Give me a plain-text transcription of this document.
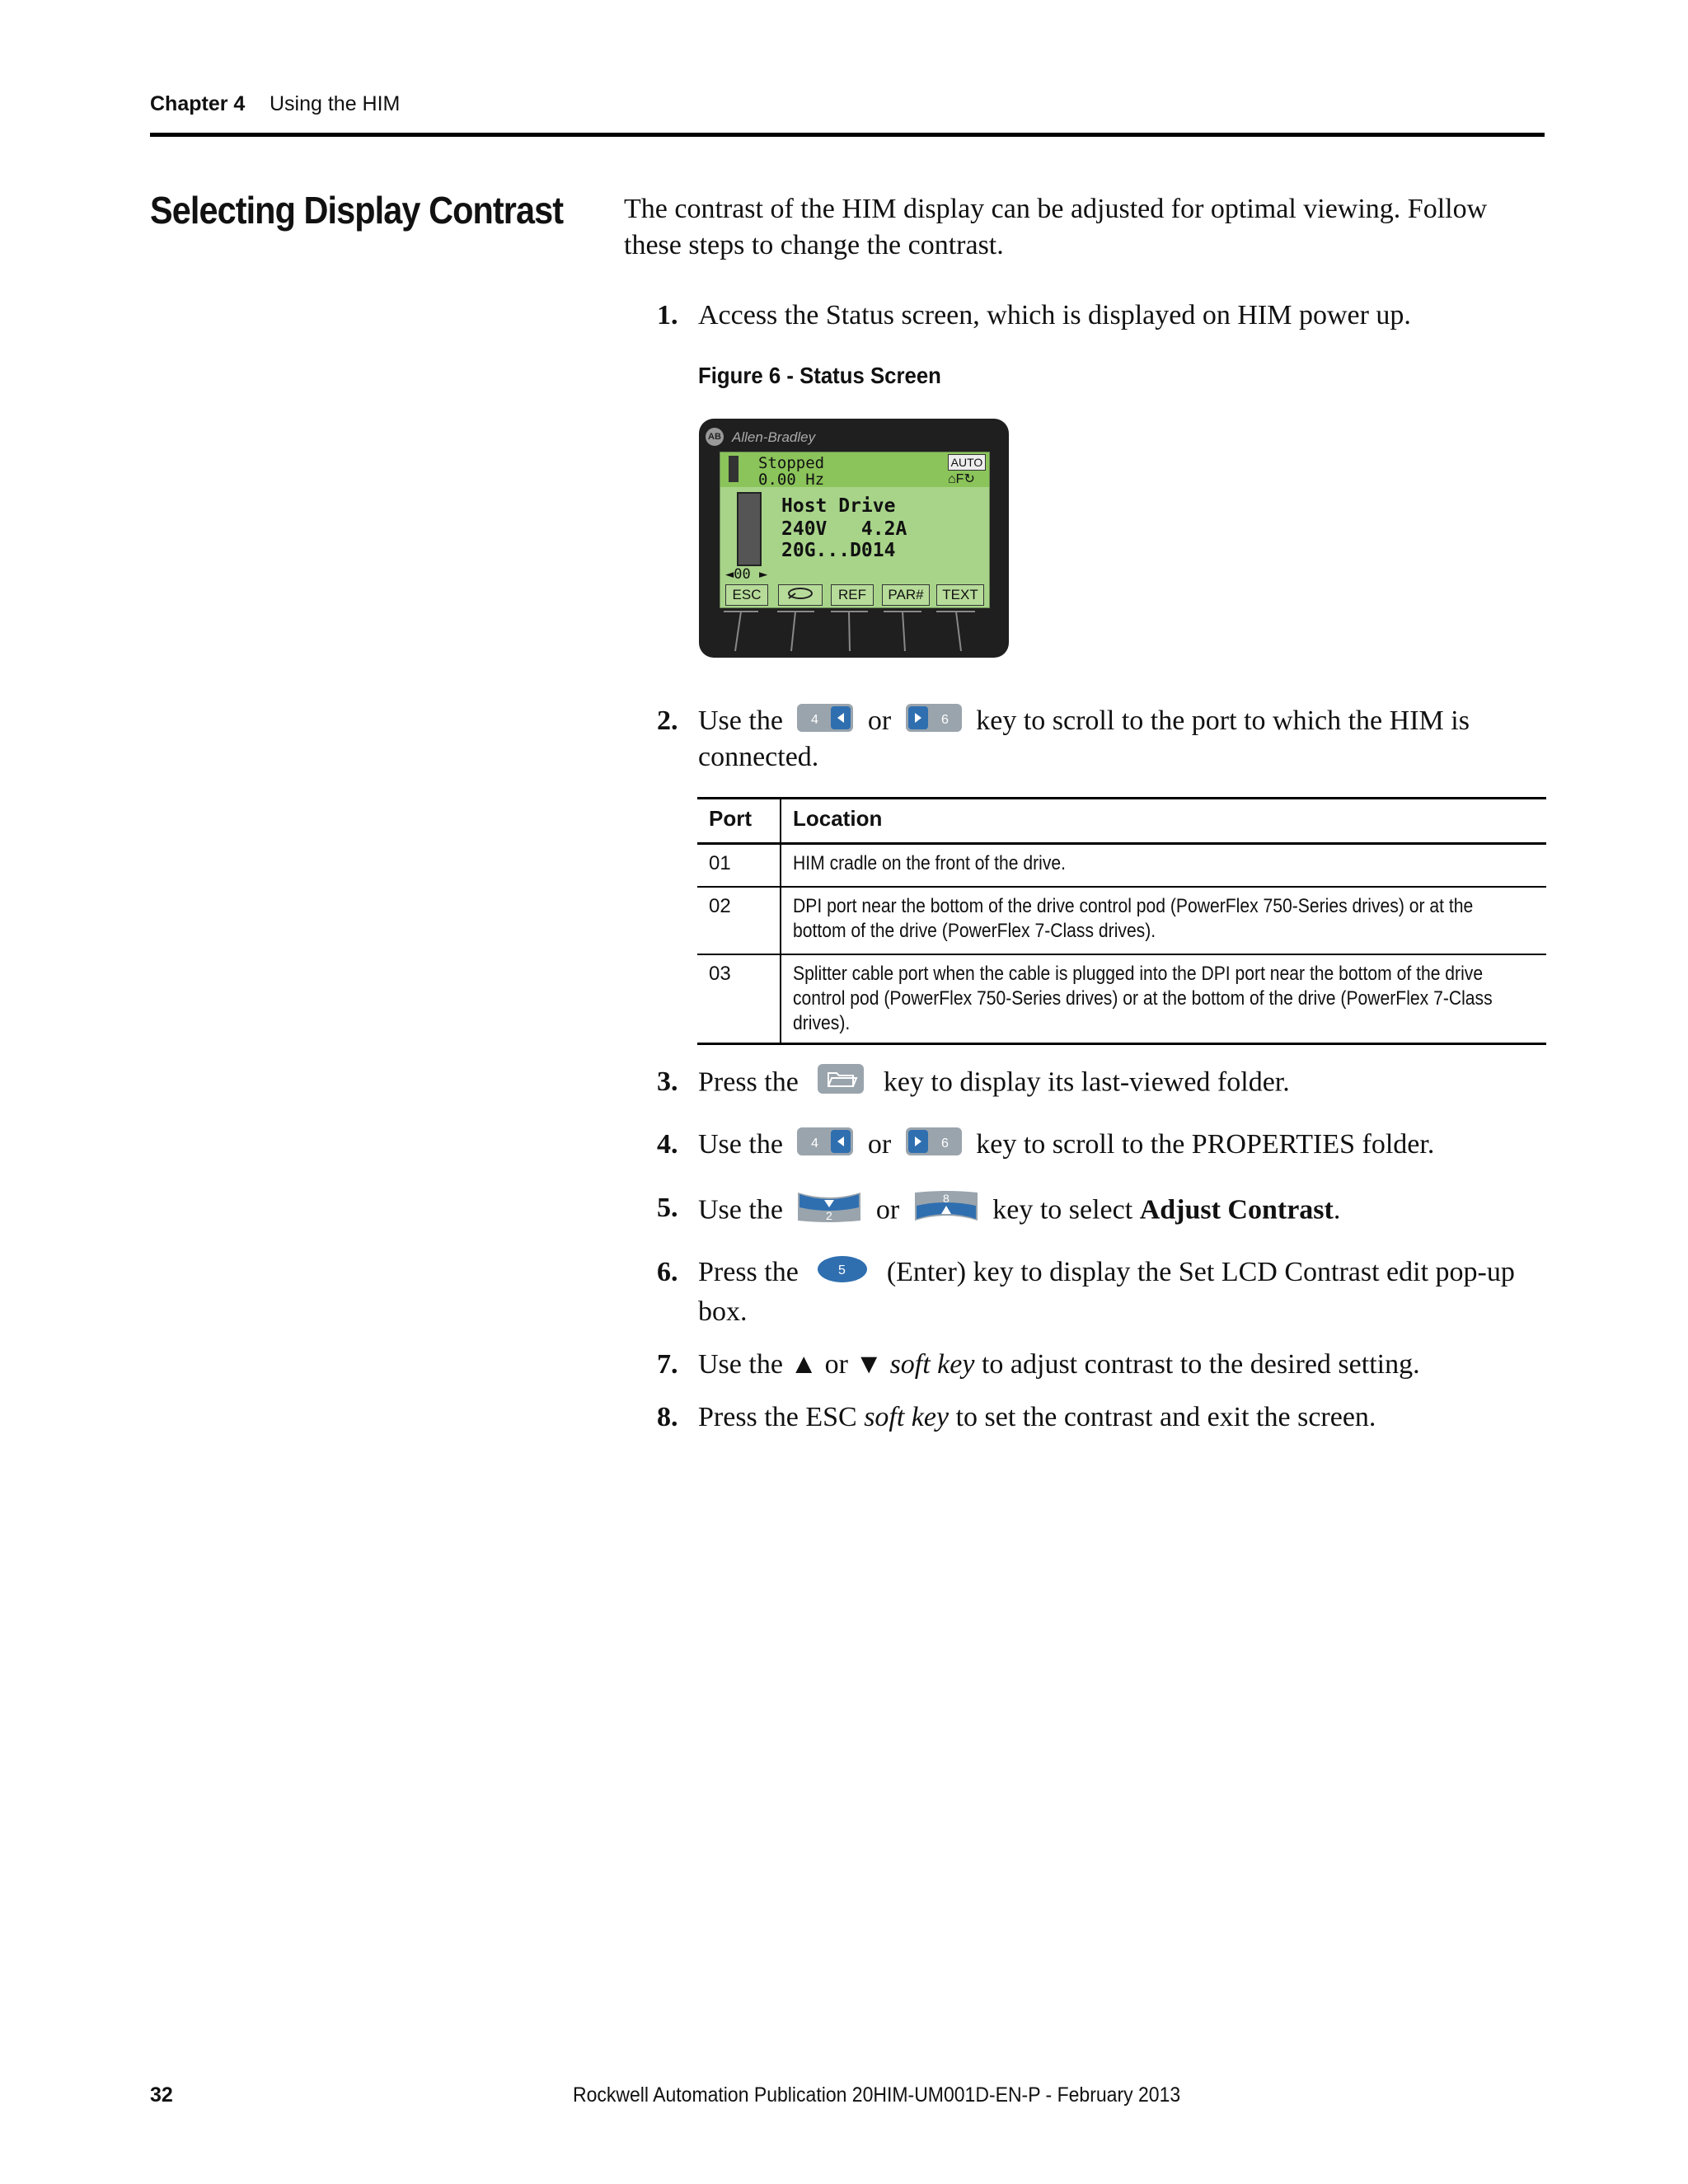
Chapter 4 Using the HIM
Selecting Display Contrast The contrast of the HIM display can be adjusted for optimal viewing. Follow these steps to change the contrast.
1. Access the Status screen, which is displayed on HIM power up.
Figure 6 - Status Screen
AB Allen-Bradley
Stopped
0.00 Hz
AUTO
⌂F↻
Host Drive
240V   4.2A
20G...D014
◄00 ►
ESC	REF	PAR#	TEXT
2. Use the 4 or	6 key to scroll to the port to which the HIM is
connected.
Port	Location
01	HIM cradle on the front of the drive.

02	DPI port near the bottom of the drive control pod (PowerFlex 750-Series drives) or at the bottom of the drive (PowerFlex 7-Class drives).

03	Splitter cable port when the cable is plugged into the DPI port near the bottom of the drive control pod (PowerFlex 750-Series drives) or at the bottom of the drive (PowerFlex 7-Class drives).
3. Press the	key to display its last-viewed folder.
4. Use the 4 or	6 key to scroll to the PROPERTIES folder.
5. Use the	2 or	8 key to select Adjust Contrast.
6. Press the	5 (Enter) key to display the Set LCD Contrast edit pop-up
box.
7. Use the ▲ or ▼ soft key to adjust contrast to the desired setting.
8. Press the ESC soft key to set the contrast and exit the screen.
32	Rockwell Automation Publication 20HIM-UM001D-EN-P - February 2013
